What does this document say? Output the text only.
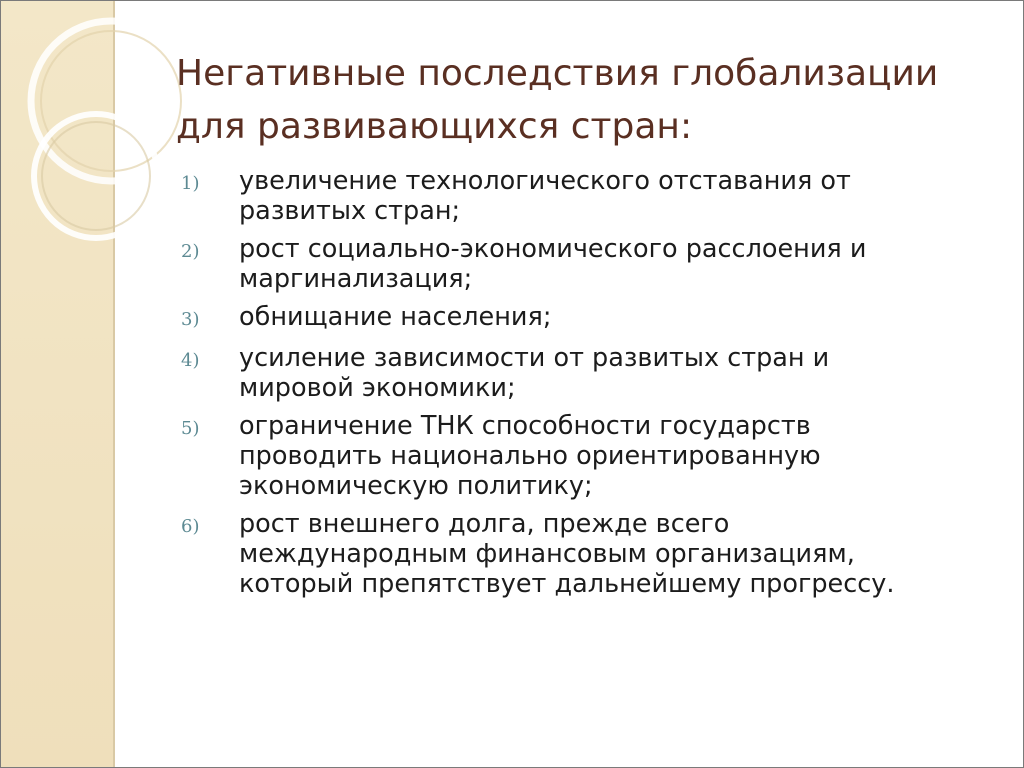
Негативные последствия глобализации
для развивающихся стран:
1)	увеличение технологического отставания от
развитых стран;
2)	рост социально-экономического расслоения и
маргинализация;
3)	обнищание населения;
4)	усиление зависимости от развитых стран и
мировой экономики;
5)	ограничение ТНК способности государств
проводить национально ориентированную
экономическую политику;
6)	рост внешнего долга, прежде всего
международным финансовым организациям,
который препятствует дальнейшему прогрессу.
